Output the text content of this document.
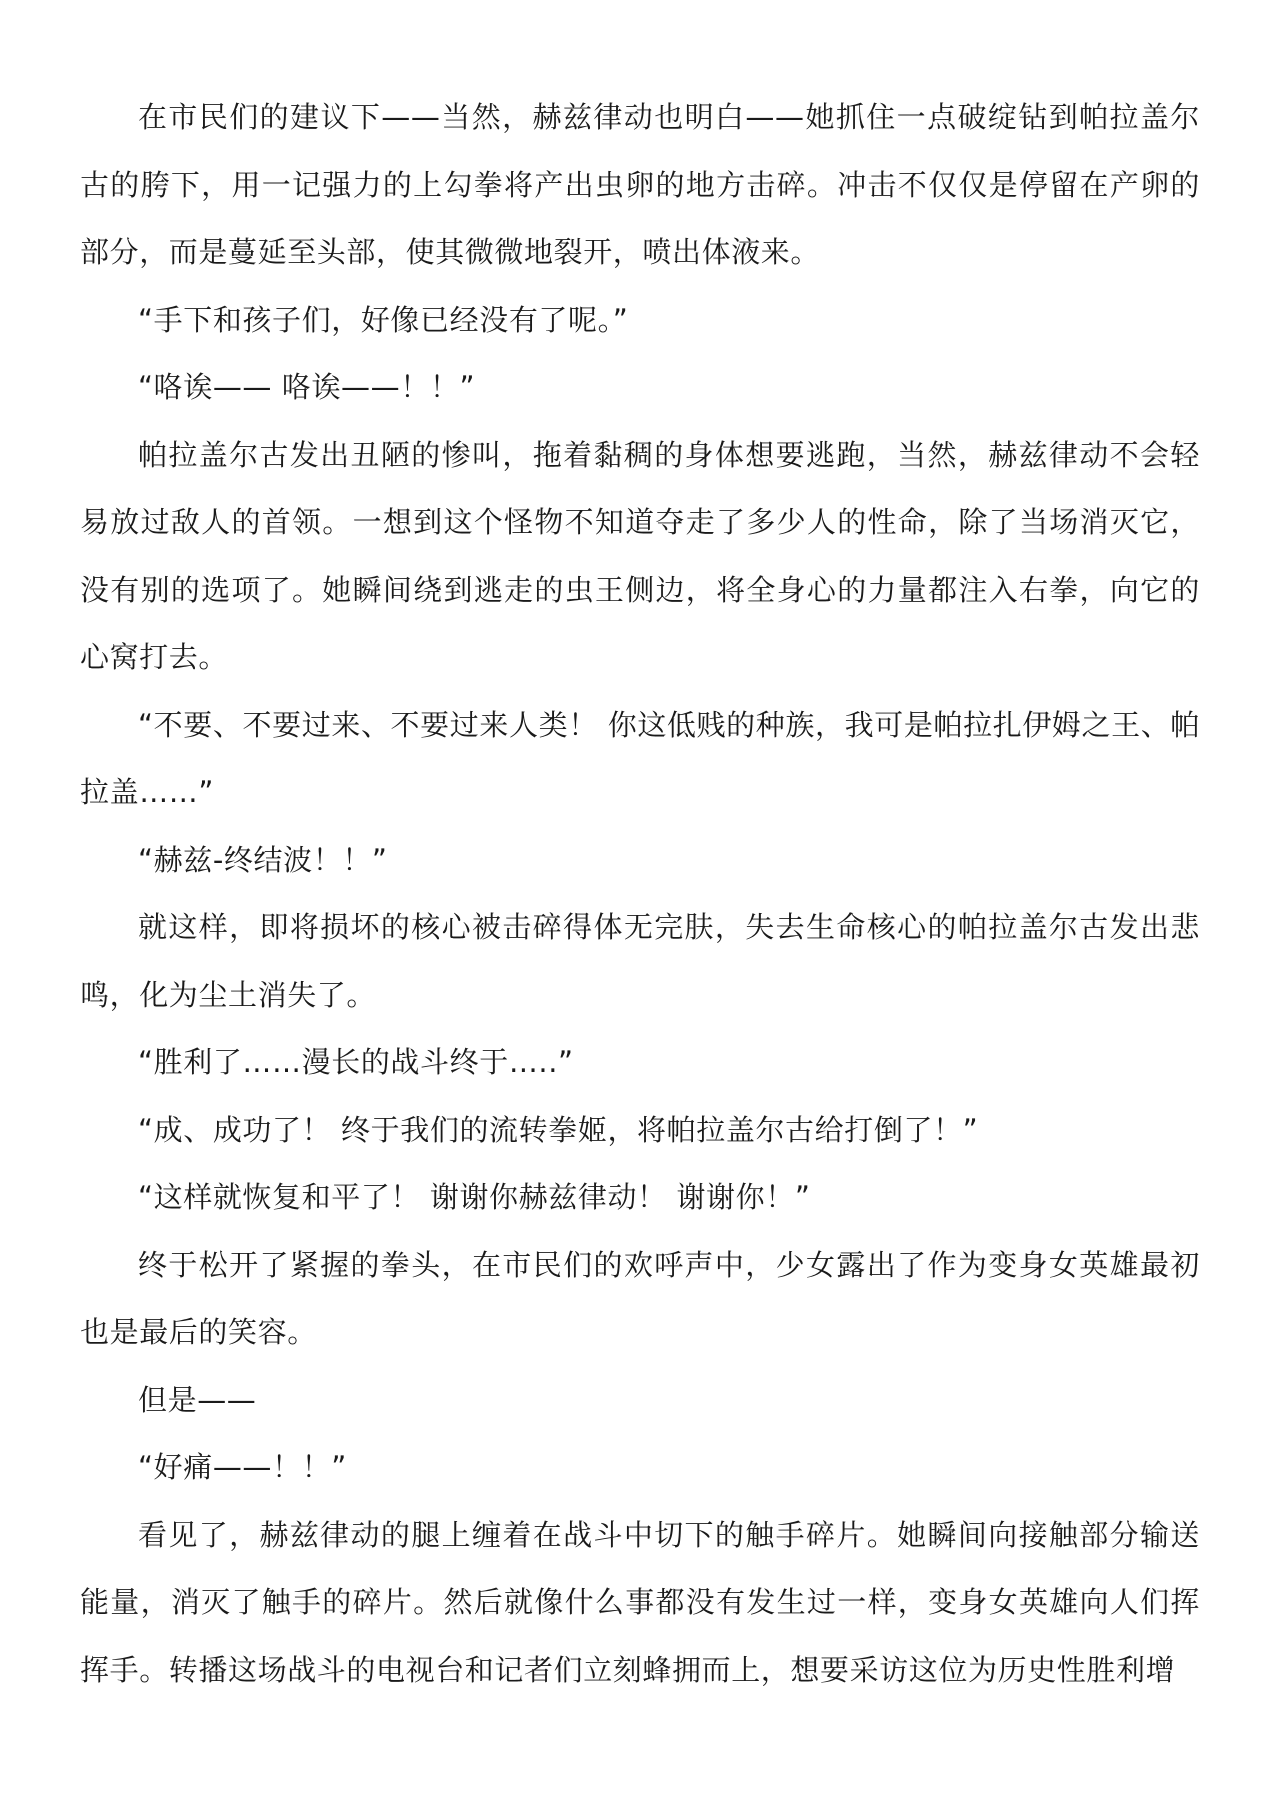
在市民们的建议下——当然，赫兹律动也明白——她抓住一点破绽钻到帕拉盖尔古的胯下，用一记强力的上勾拳将产出虫卵的地方击碎。冲击不仅仅是停留在产卵的部分，而是蔓延至头部，使其微微地裂开，喷出体液来。

“手下和孩子们，好像已经没有了呢。”

“咯诶—— 咯诶——！！”

帕拉盖尔古发出丑陋的惨叫，拖着黏稠的身体想要逃跑，当然，赫兹律动不会轻易放过敌人的首领。一想到这个怪物不知道夺走了多少人的性命，除了当场消灭它，没有别的选项了。她瞬间绕到逃走的虫王侧边，将全身心的力量都注入右拳，向它的心窝打去。

“不要、不要过来、不要过来人类！ 你这低贱的种族，我可是帕拉扎伊姆之王、帕拉盖……”

“赫兹-终结波！！”

就这样，即将损坏的核心被击碎得体无完肤，失去生命核心的帕拉盖尔古发出悲鸣，化为尘土消失了。

“胜利了……漫长的战斗终于…..”

“成、成功了！ 终于我们的流转拳姬，将帕拉盖尔古给打倒了！”

“这样就恢复和平了！ 谢谢你赫兹律动！ 谢谢你！”

终于松开了紧握的拳头，在市民们的欢呼声中，少女露出了作为变身女英雄最初也是最后的笑容。

但是——

“好痛——！！”

看见了，赫兹律动的腿上缠着在战斗中切下的触手碎片。她瞬间向接触部分输送能量，消灭了触手的碎片。然后就像什么事都没有发生过一样，变身女英雄向人们挥挥手。转播这场战斗的电视台和记者们立刻蜂拥而上，想要采访这位为历史性胜利增
